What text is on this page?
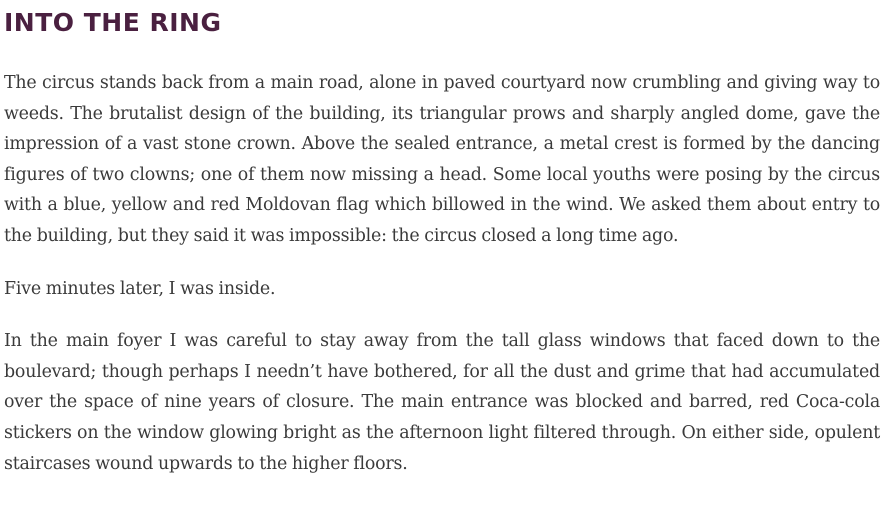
INTO THE RING

The circus stands back from a main road, alone in paved courtyard now crumbling and giving way to weeds. The brutalist design of the building, its triangular prows and sharply angled dome, gave the impression of a vast stone crown. Above the sealed entrance, a metal crest is formed by the dancing figures of two clowns; one of them now missing a head. Some local youths were posing by the circus with a blue, yellow and red Moldovan flag which billowed in the wind. We asked them about entry to the building, but they said it was impossible: the circus closed a long time ago.

Five minutes later, I was inside.

In the main foyer I was careful to stay away from the tall glass windows that faced down to the boulevard; though perhaps I needn’t have bothered, for all the dust and grime that had accumulated over the space of nine years of closure. The main entrance was blocked and barred, red Coca-cola stickers on the window glowing bright as the afternoon light filtered through. On either side, opulent staircases wound upwards to the higher floors.
